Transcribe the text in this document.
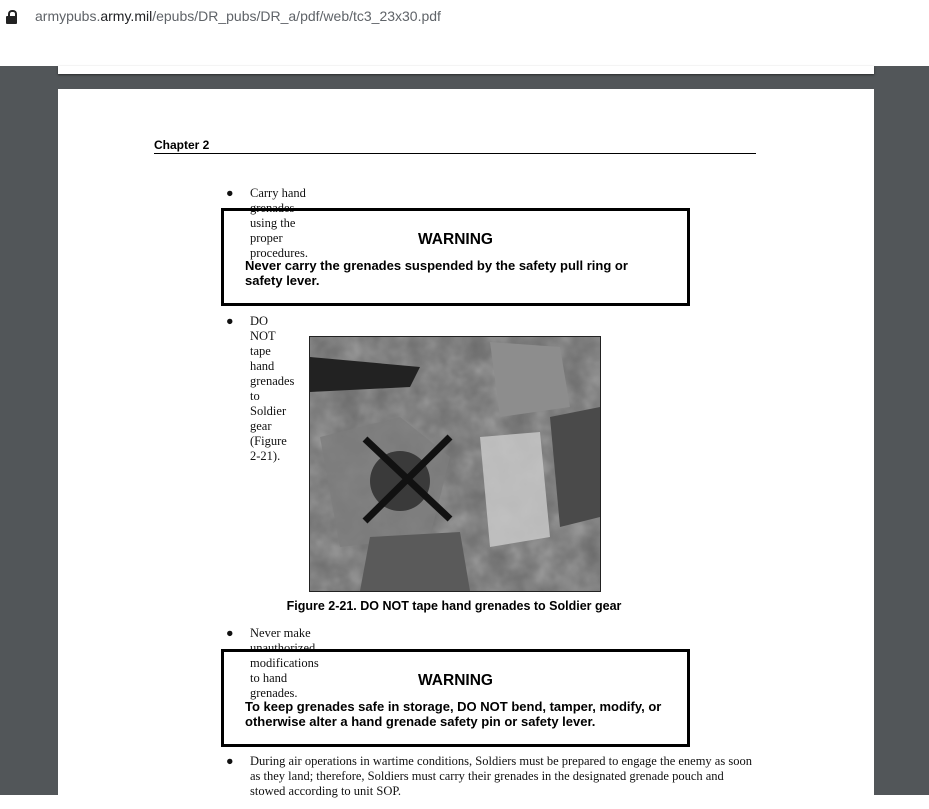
armypubs.army.mil/epubs/DR_pubs/DR_a/pdf/web/tc3_23x30.pdf
Chapter 2
●	Carry hand grenades using the proper procedures.
WARNING
Never carry the grenades suspended by the safety pull ring or safety lever.
●	DO NOT tape hand grenades to Soldier gear (Figure 2-21).
Figure 2-21. DO NOT tape hand grenades to Soldier gear
●	Never make unauthorized modifications to hand grenades.
WARNING
To keep grenades safe in storage, DO NOT bend, tamper, modify, or otherwise alter a hand grenade safety pin or safety lever.
●	During air operations in wartime conditions, Soldiers must be prepared to engage the enemy as soon as they land; therefore, Soldiers must carry their grenades in the designated grenade pouch and stowed according to unit SOP.
